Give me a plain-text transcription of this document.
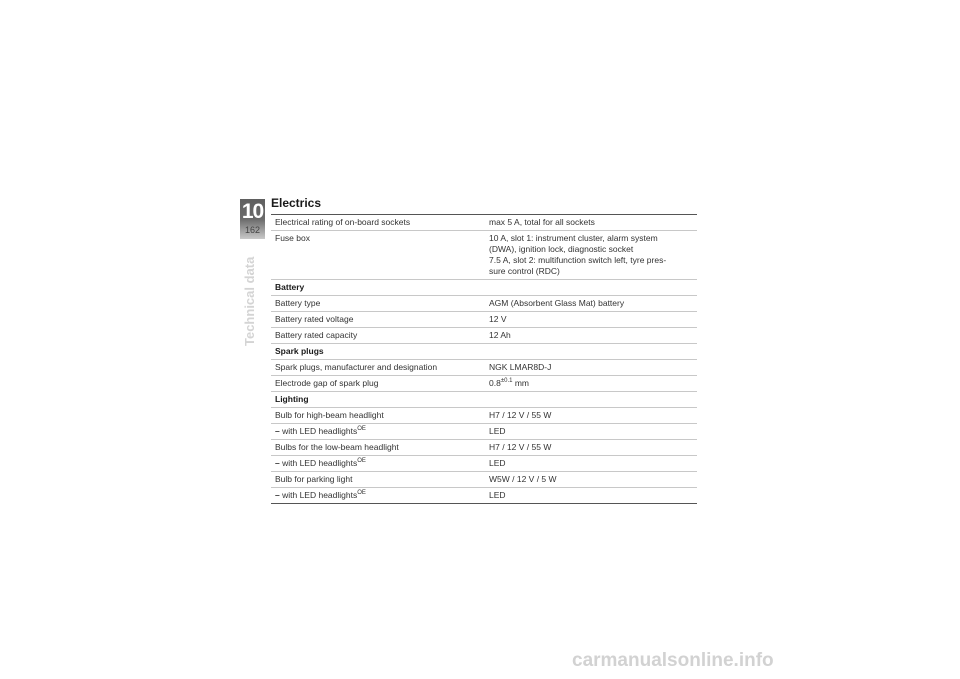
10
162
Technical data
Electrics
Electrical rating of on-board sockets	max 5 A, total for all sockets
Fuse box	10 A, slot 1: instrument cluster, alarm system
(DWA), ignition lock, diagnostic socket
7.5 A, slot 2: multifunction switch left, tyre pres-
sure control (RDC)

Battery	
Battery type	AGM (Absorbent Glass Mat) battery
Battery rated voltage	12 V
Battery rated capacity	12 Ah
Spark plugs	
Spark plugs, manufacturer and designation	NGK LMAR8D-J
Electrode gap of spark plug	$0.8^{\pm 0.1}$ mm
Lighting	
Bulb for high-beam headlight	H7 / 12 V / 55 W
– with LED headlights$^{OE}$	LED
Bulbs for the low-beam headlight	H7 / 12 V / 55 W
– with LED headlights$^{OE}$	LED
Bulb for parking light	W5W / 12 V / 5 W
– with LED headlights$^{OE}$	LED
carmanualsonline.info
